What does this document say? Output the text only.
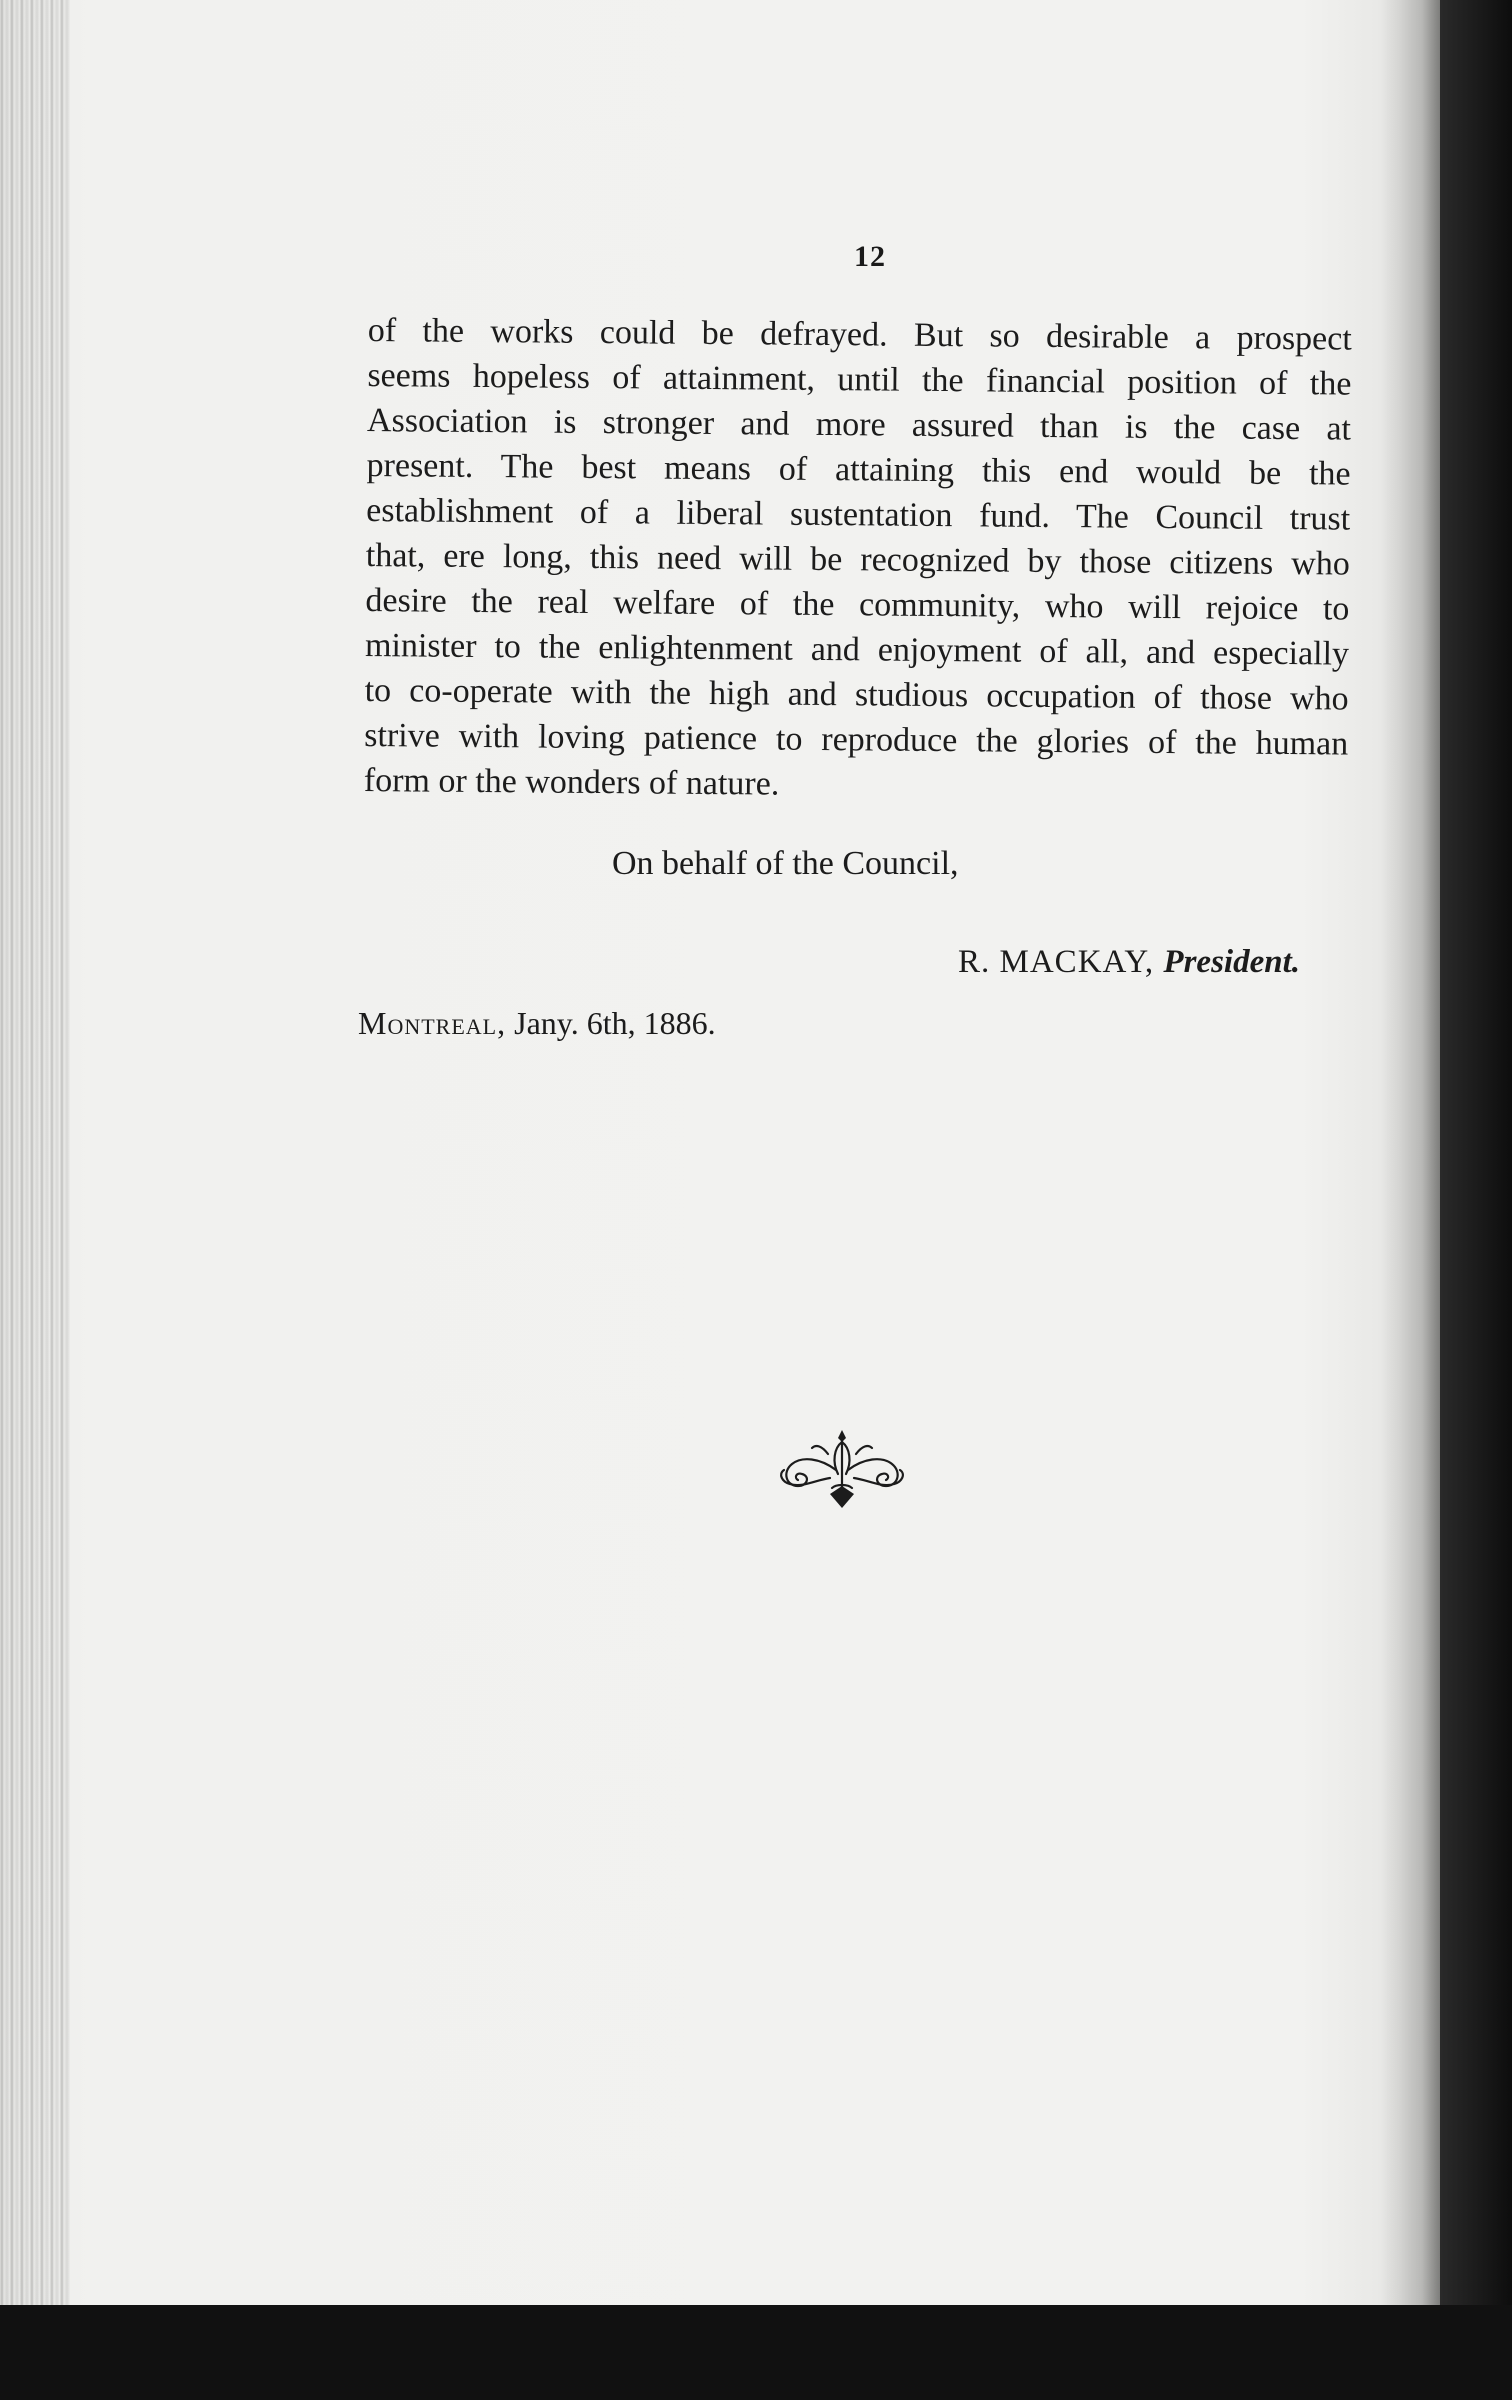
12
of the works could be defrayed. But so desirable a prospect
seems hopeless of attainment, until the financial position of the
Association is stronger and more assured than is the case at
present. The best means of attaining this end would be the
establishment of a liberal sustentation fund. The Council trust
that, ere long, this need will be recognized by those citizens who
desire the real welfare of the community, who will rejoice to
minister to the enlightenment and enjoyment of all, and especially
to co-operate with the high and studious occupation of those who
strive with loving patience to reproduce the glories of the human
form or the wonders of nature.
On behalf of the Council,
R. MACKAY, President.
Montreal, Jany. 6th, 1886.
